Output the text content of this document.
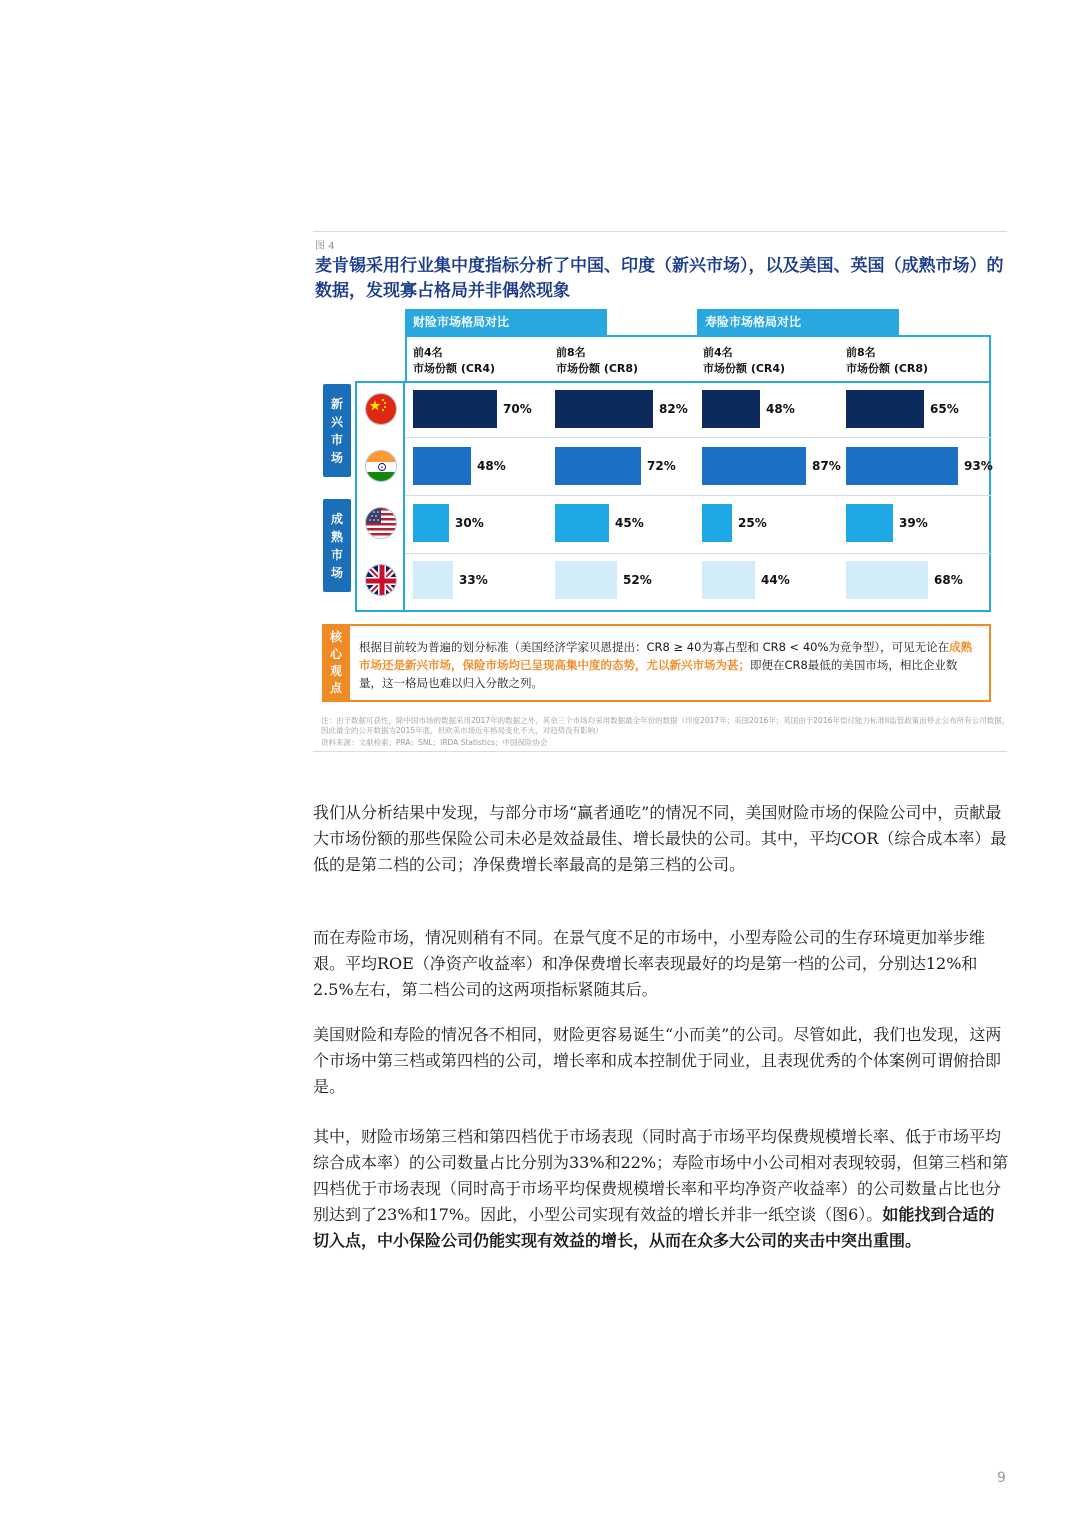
图 4
麦肯锡采用行业集中度指标分析了中国、印度（新兴市场），以及美国、英国（成熟市场）的数据，发现寡占格局并非偶然现象
财险市场格局对比	寿险市场格局对比
前4名
市场份额 (CR4)
前8名
市场份额 (CR8)
前4名
市场份额 (CR4)
前8名
市场份额 (CR8)
新兴市场
成熟市场
70%	82%	48%	65%
48%	72%	87%	93%
30%	45%	25%	39%
33%	52%	44%	68%
核心观点
根据目前较为普遍的划分标准（美国经济学家贝恩提出：CR8 ≥ 40为寡占型和 CR8 < 40%为竞争型），可见无论在成熟市场还是新兴市场，保险市场均已呈现高集中度的态势，尤以新兴市场为甚；即便在CR8最低的美国市场，相比企业数量，这一格局也难以归入分散之列。
注：由于数据可获性，除中国市场的数据采用2017年的数据之外，其余三个市场均采用数据最全年份的数据（印度2017年；美国2016年；英国由于2016年偿付能力标准II监管政策而停止公布所有公司数据，因此最全的公开数据为2015年底，但欧美市场近年格局变化不大，对趋势没有影响）
资料来源：文献检索；PRA；SNL；IRDA Statistics；中国保险协会
我们从分析结果中发现，与部分市场“赢者通吃”的情况不同，美国财险市场的保险公司中，贡献最大市场份额的那些保险公司未必是效益最佳、增长最快的公司。其中，平均COR（综合成本率）最低的是第二档的公司；净保费增长率最高的是第三档的公司。
而在寿险市场，情况则稍有不同。在景气度不足的市场中，小型寿险公司的生存环境更加举步维艰。平均ROE（净资产收益率）和净保费增长率表现最好的均是第一档的公司，分别达12%和2.5%左右，第二档公司的这两项指标紧随其后。
美国财险和寿险的情况各不相同，财险更容易诞生“小而美”的公司。尽管如此，我们也发现，这两个市场中第三档或第四档的公司，增长率和成本控制优于同业，且表现优秀的个体案例可谓俯拾即是。
其中，财险市场第三档和第四档优于市场表现（同时高于市场平均保费规模增长率、低于市场平均综合成本率）的公司数量占比分别为33%和22%；寿险市场中小公司相对表现较弱，但第三档和第四档优于市场表现（同时高于市场平均保费规模增长率和平均净资产收益率）的公司数量占比也分别达到了23%和17%。因此，小型公司实现有效益的增长并非一纸空谈（图6）。如能找到合适的切入点，中小保险公司仍能实现有效益的增长，从而在众多大公司的夹击中突出重围。
9
